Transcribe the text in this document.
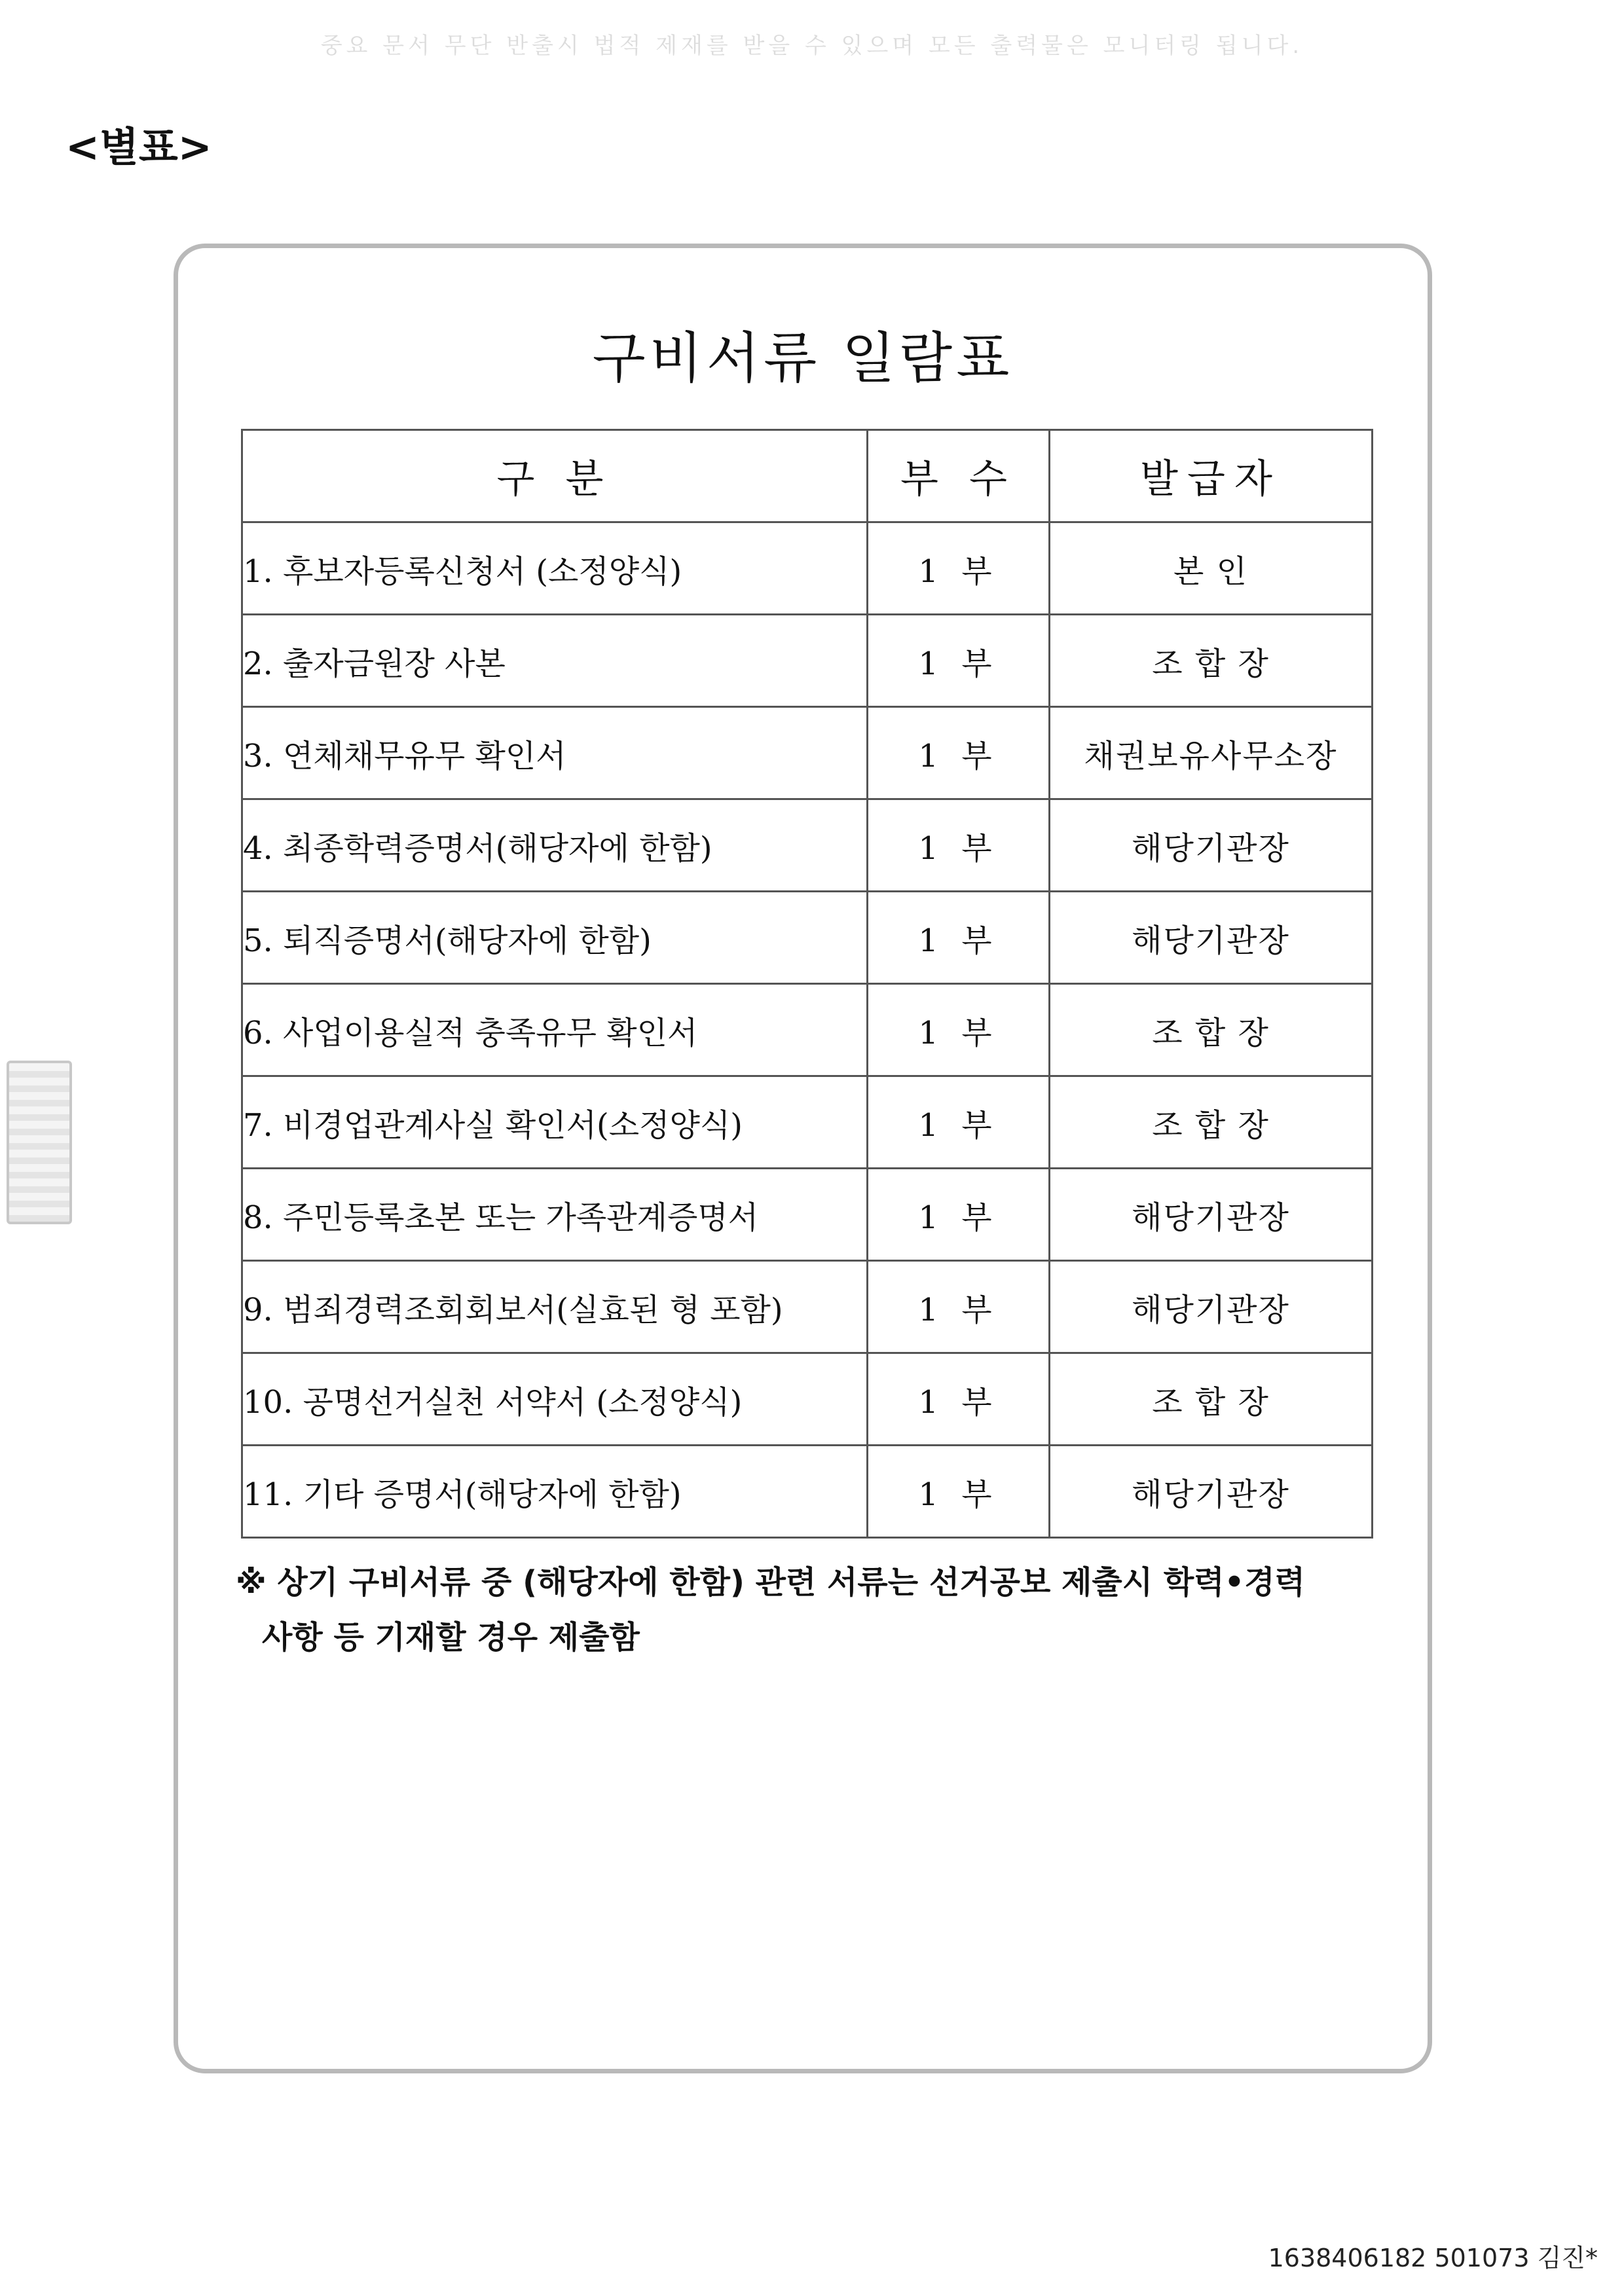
중요 문서 무단 반출시 법적 제재를 받을 수 있으며 모든 출력물은 모니터링 됩니다.
<별표>
구비서류 일람표
구 분	부 수	발급자
1. 후보자등록신청서 (소정양식)	1 부	본 인
2. 출자금원장 사본	1 부	조 합 장
3. 연체채무유무 확인서	1 부	채권보유사무소장
4. 최종학력증명서(해당자에 한함)	1 부	해당기관장
5. 퇴직증명서(해당자에 한함)	1 부	해당기관장
6. 사업이용실적 충족유무 확인서	1 부	조 합 장
7. 비경업관계사실 확인서(소정양식)	1 부	조 합 장
8. 주민등록초본 또는 가족관계증명서	1 부	해당기관장
9. 범죄경력조회회보서(실효된 형 포함)	1 부	해당기관장
10. 공명선거실천 서약서 (소정양식)	1 부	조 합 장
11. 기타 증명서(해당자에 한함)	1 부	해당기관장
※ 상기 구비서류 중 (해당자에 한함) 관련 서류는 선거공보 제출시 학력•경력
사항 등 기재할 경우 제출함
1638406182 501073 김진*
